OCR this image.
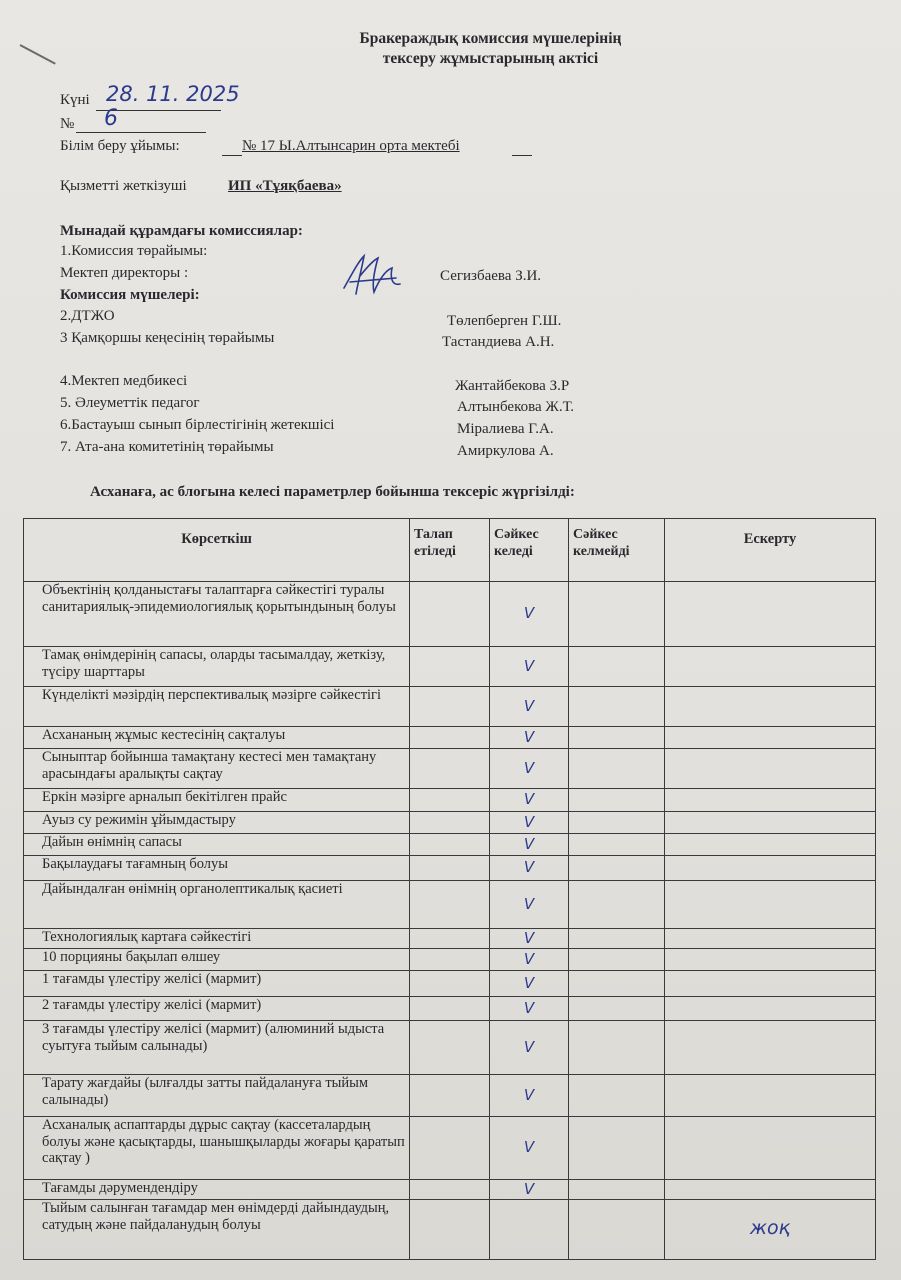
Бракераждық комиссия мүшелерінің
тексеру жұмыстарының актісі
Күні 28. 11. 2025
№ 6
Білім беру ұйымы:	№ 17 Ы.Алтынсарин орта мектебі
Қызметті жеткізуші	ИП «Тұяқбаева»
Мынадай құрамдағы комиссиялар:
1.Комиссия төрайымы:
Мектеп директоры :	Сегизбаева З.И.
Комиссия мүшелері:
2.ДТЖО	Төлепберген Г.Ш.
3 Қамқоршы кеңесінің төрайымы	Тастандиева А.Н.
4.Мектеп медбикесі	Жантайбекова З.Р
5. Әлеуметтік педагог	Алтынбекова Ж.Т.
6.Бастауыш сынып бірлестігінің жетекшісі	Міралиева Г.А.
7. Ата-ана комитетінің төрайымы	Амиркулова А.
Асханаға, ас блогына келесі параметрлер бойынша тексеріс жүргізілді:
Көрсеткіш	Талап етіледі	Сәйкес келеді	Сәйкес келмейді	Ескерту
Объектінің қолданыстағы талаптарға сәйкестігі туралы санитариялық-эпидемиологиялық қорытындының болуы		V		
Тамақ өнімдерінің сапасы, оларды тасымалдау, жеткізу, түсіру шарттары		V		
Күнделікті мәзірдің перспективалық мәзірге сәйкестігі		V		
Асхананың жұмыс кестесінің сақталуы		V		
Сыныптар бойынша тамақтану кестесі мен тамақтану арасындағы аралықты сақтау		V		
Еркін мәзірге арналып бекітілген прайс		V		
Ауыз су режимін ұйымдастыру		V		
Дайын өнімнің сапасы		V		
Бақылаудағы тағамның болуы		V		
Дайындалған өнімнің органолептикалық қасиеті		V		
Технологиялық картаға сәйкестігі		V		
10 порцияны бақылап өлшеу		V		
1 тағамды үлестіру желісі (мармит)		V		
2 тағамды үлестіру желісі (мармит)		V		
3 тағамды үлестіру желісі (мармит) (алюминий ыдыста суытуға тыйым салынады)		V		
Тарату жағдайы (ылғалды затты пайдалануға тыйым салынады)		V		
Асханалық аспаптарды дұрыс сақтау (кассеталардың болуы және қасықтарды, шанышқыларды жоғары қаратып сақтау )		V		
Тағамды дәрумендендіру		V		
Тыйым салынған тағамдар мен өнімдерді дайындаудың, сатудың және пайдаланудың болуы				жоқ
